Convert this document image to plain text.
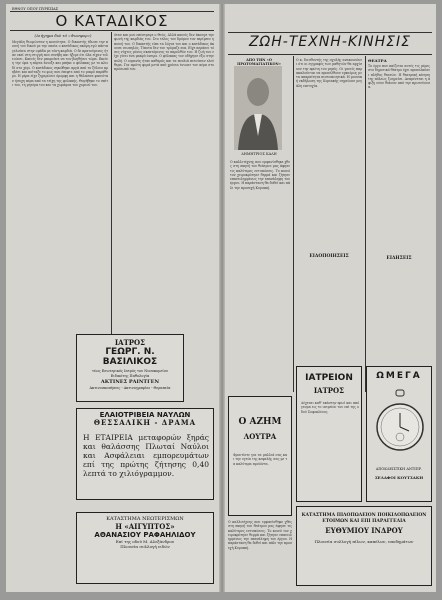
ΕΘΝΟΥ ΟΠΟΥ ΠΥΡΕΣΙΑΣ
Ο ΚΑΤΑΔΙΚΟΣ
(Διήγημα διά τό «Φωσφορ»)
Μεγάλη θεωρώνταν η κοινότητα. Ο δικαστής έδωσε την ποινή του δικού με την οποία ο κατάδικος ακόμη εγώ πάντα γελούσα στην ομάδα με τόση καρδιά. Ο δε κρατούμενος ήταν εκεί στη στιγμή που συνέβη και ήξερε ότι όλα είχαν τελειώσει. Κανείς δεν μπορούσε να τον βοηθήσει τώρα. Εκείνη την ώρα η πόρτα άνοιξε και μπήκε ο φύλακας με το κλειδί στο χέρι. Ο κατάδικος σηκώθηκε αργά από το ξύλινο κρεβάτι και κοίταξε το φως που έπεφτε από το μικρό παράθυρο. Η μέρα είχε ξημερώσει όμορφη και η θάλασσα φαινόταν ήσυχη πέρα από τα τείχη της φυλακής. Θυμήθηκε το σπίτι του, τη μητέρα του και τα χωράφια του χωριού του.
όταν και μου επέστρεψε ο Θεός. Αλλά κανείς δεν άκουγε την φωνή της καρδιάς του. Στο τέλος του δρόμου τον περίμενε η ποινή του. Ο δικαστής είπε τα λόγια του και ο κατάδικος άκουσε σιωπηλός. Τίποτα δεν τον τρόμαζε πια. Είχε περάσει τόσες νύχτες μόνος σκεπτόμενος το παρελθόν του. Η ζωή του είχε γίνει ένα μακρύ όνειρο. Ο φύλακας τον οδήγησε έξω στην αυλή. Ο ουρανός ήταν καθαρός και τα πουλιά πετούσαν ελεύθερα. Για πρώτη φορά μετά από χρόνια ένιωσε τον αέρα στο πρόσωπό του.
ΙΑΤΡΟΣ
ΓΕΩΡΓ. Ν. ΒΑΣΙΛΙΚΟΣ
τέως Εσωτερικός Ιατρός του Νοσοκομείου
Ειδικότης Παθολογία
ΑΚΤΙΝΕΣ ΡΑΙΝΤΓΕΝ
Ακτινοσκοπήσεις - Ακτινογραφίαι - Θεραπεία
ΕΛΑΙΟΤΡΙΒΕΙΑ ΝΑΥΛΩΝ
ΘΕΣΣΑΛΙΚΗ - ΔΡΑΜΑ
Η ΕΤΑΙΡΕΙΑ μεταφορών ξηράς και θαλάσσης Πλωταί Ναύλοι και Ασφάλειαι εμπορευμάτων επί της πρώτης ζήτησης 0,40 λεπτά το χιλιόγραμμον.
ΚΑΤΑΣΤΗΜΑ ΝΕΩΤΕΡΙΣΜΩΝ
Η «ΑΙΓΥΠΤΟΣ»
ΑΘΑΝΑΣΙΟΥ ΡΑΦΑΗΛΙΔΟΥ
Επί της οδού Μ. Αλεξάνδρου
Πλουσία συλλογή ειδών
ΖΩΗ-ΤΕΧΝΗ-ΚΙΝΗΣΙΣ
ΑΠΟ ΤΗΝ «Ο ΠΡΩΤΟΜΑΓΙΑΤΙΚΟΝ»
ΔΗΜΗΤΡΙΟΣ ΚΑΛΗ
Ο καλλιτέχνης που εμφανίσθηκε χθες στη σκηνή του θεάτρου μας άφησε τις καλύτερες εντυπώσεις. Το κοινό τον χειροκρότησε θερμά και ζήτησε επανειλημμένως την επανάληψη του έργου. Η παράσταση θα δοθεί και πάλι την προσεχή Κυριακή.
Ο κ. διευθυντής της σχολής ανακοινώνει ότι οι εγγραφές των μαθητών θα αρχίσουν την πρώτη του μηνός. Οι γονείς παρακαλούνται να προσέλθουν εγκαίρως με τα απαραίτητα πιστοποιητικά. Η μουσική εκδήλωση της Κυριακής σημείωσε μεγάλη επιτυχία.
ΘΕΑΤΡΑ
Το έργο που παίζεται αυτές τις μέρες στο δημοτικό θέατρο έχει προσελκύσει πλήθος θεατών. Η θεατρική κίνηση της πόλεως ζωηρεύει. Αναμένεται η άφιξη νέου θιάσου από την πρωτεύουσα.
ΕΙΔΗΣΕΙΣ
ΕΙΔΟΠΟΙΗΣΕΙΣ
Ο ΑΖΗΜ
ΛΟΥΤΡΑ
Φροντίστε για τα μαλλιά σας και την υγεία της κεφαλής σας με τα καλύτερα προϊόντα.
ΙΑΤΡΕΙΟΝ
ΙΑΤΡΟΣ
Δέχεται καθ' εκάστην πρωί και απόγευμα εις το ιατρείον του επί της οδού Σοφοκλέους.
ΩΜΕΓΑ
ΑΠΟΚΛΕΙΣΤΙΚΗ ΑΝΤΙΠΡ.
ΣΕΛΑΦΟΙ ΚΟΥΤΣΑΚΗ
ΚΑΤΑΣΤΗΜΑ ΠΙΛΟΠΩΛΕΙΟΝ ΠΟΙΚΙΛΟΠΩΛΕΙΟΝ
ΕΤΟΙΜΩΝ ΚΑΙ ΕΠΙ ΠΑΡΑΓΓΕΛΙΑ
ΕΥΘΥΜΙΟΥ ΙΝΔΡΟΥ
Πλουσία συλλογή πίλων, καπέλων, υποδημάτων
Ο καλλιτέχνης που εμφανίσθηκε χθες στη σκηνή του θεάτρου μας άφησε τις καλύτερες εντυπώσεις. Το κοινό τον χειροκρότησε θερμά και ζήτησε επανειλημμένως την επανάληψη του έργου. Η παράσταση θα δοθεί και πάλι την προσεχή Κυριακή.
